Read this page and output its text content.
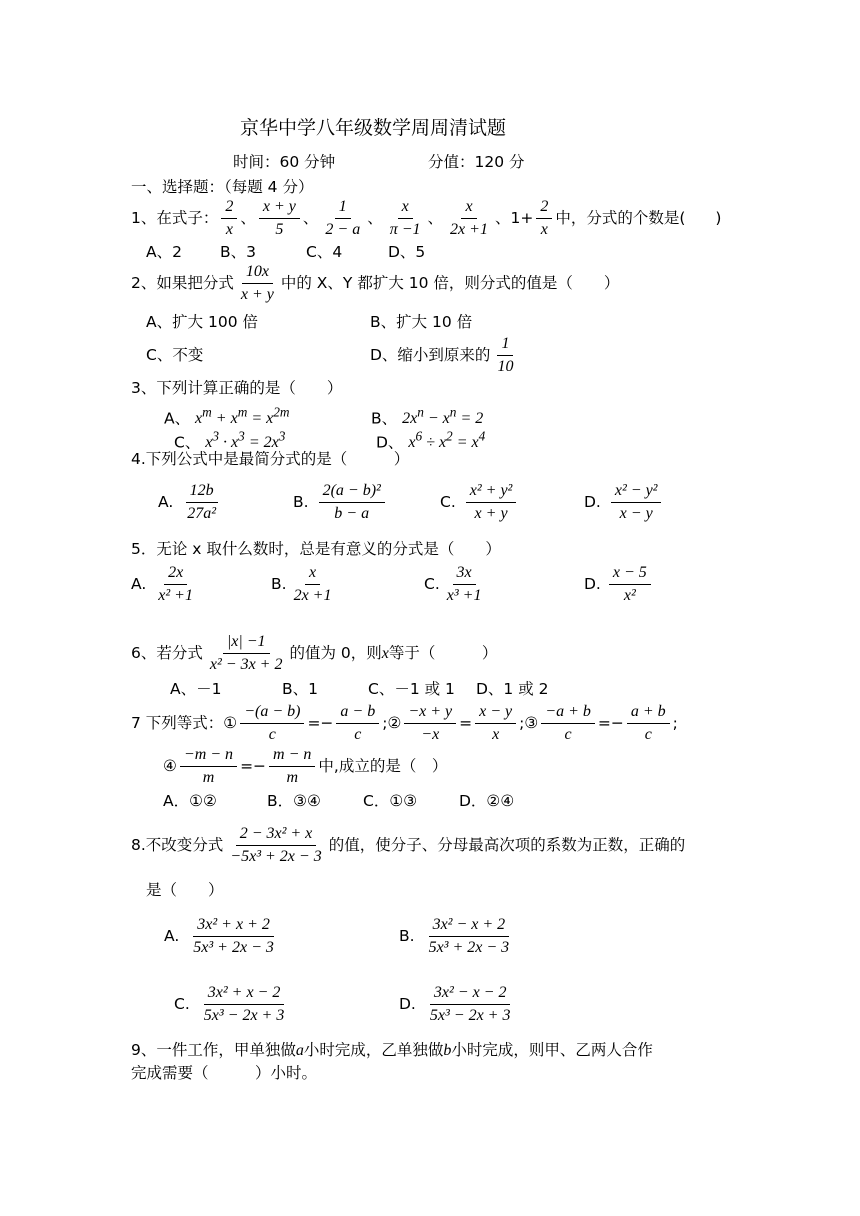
京华中学八年级数学周周清试题
时间：60 分钟	分值：120 分
一、选择题：（每题 4 分）
1、在式子： $\frac{2}{x}$ 、 $\frac{x + y}{5}$ 、 $\frac{1}{2 - a}$ 、 $\frac{x}{\pi -1}$ 、 $\frac{x}{2x +1}$ 、$1+ \frac{2}{x}$ 中，分式的个数是( )
A、2 B、3	C、4	D、5
2、如果把分式 $\frac{10x}{x + y}$ 中的 X、Y 都扩大 10 倍，则分式的值是（　　）
A、扩大 100 倍	B、扩大 10 倍
C、不变	D、缩小到原来的 $\frac{1}{10}$
3、下列计算正确的是（　　）
A、 $x^m + x^m = x^{2m}$	B、 $2x^n - x^n = 2$
C、 $x^3 \cdot x^3 = 2x^3$	D、 $x^6 \div x^2 = x^4$
4.下列公式中是最简分式的是（　　　）
A. $\frac{12b}{\text{27a²}}$	B. $\frac{\text{2(a − b)²}}{b - a}$	C. $\frac{\text{x² + y²}}{x + y}$	D. $\frac{\text{x² − y²}}{x - y}$
5．无论 x 取什么数时，总是有意义的分式是（　　）
A. $\frac{2x}{\text{x² +1}}$	B. $\frac{x}{2x +1}$	C. $\frac{3x}{\text{x³ +1}}$	D. $\frac{x - 5}{\text{x²}}$
6、若分式 $\frac{|x| -1}{\text{x² − 3x + 2}}$ 的值为 0，则x等于（　　　）
A、－1	B、1	C、－1 或 1 D、1 或 2
7 下列等式：① $\frac{-(a - b)}{c} =- \frac{a - b}{c}$ ;② $\frac{-x + y}{-x} = \frac{x - y}{x}$ ;③ $\frac{-a + b}{c} =- \frac{a + b}{c}$ ;
④ $\frac{-m - n}{m} =- \frac{m - n}{m}$ 中,成立的是（　）
A．①②	B．③④	C．①③	D．②④
8.不改变分式 $\frac{\text{2 − 3x² + x}}{\text{−5x³ + 2x − 3}}$ 的值，使分子、分母最高次项的系数为正数，正确的
是（　　）
A. $\frac{\text{3x² + x + 2}}{\text{5x³ + 2x − 3}}$	B. $\frac{\text{3x² − x + 2}}{\text{5x³ + 2x − 3}}$
C. $\frac{\text{3x² + x − 2}}{\text{5x³ − 2x + 3}}$	D. $\frac{\text{3x² − x − 2}}{\text{5x³ − 2x + 3}}$
9、一件工作，甲单独做a小时完成，乙单独做b小时完成，则甲、乙两人合作
完成需要（　　　）小时。
